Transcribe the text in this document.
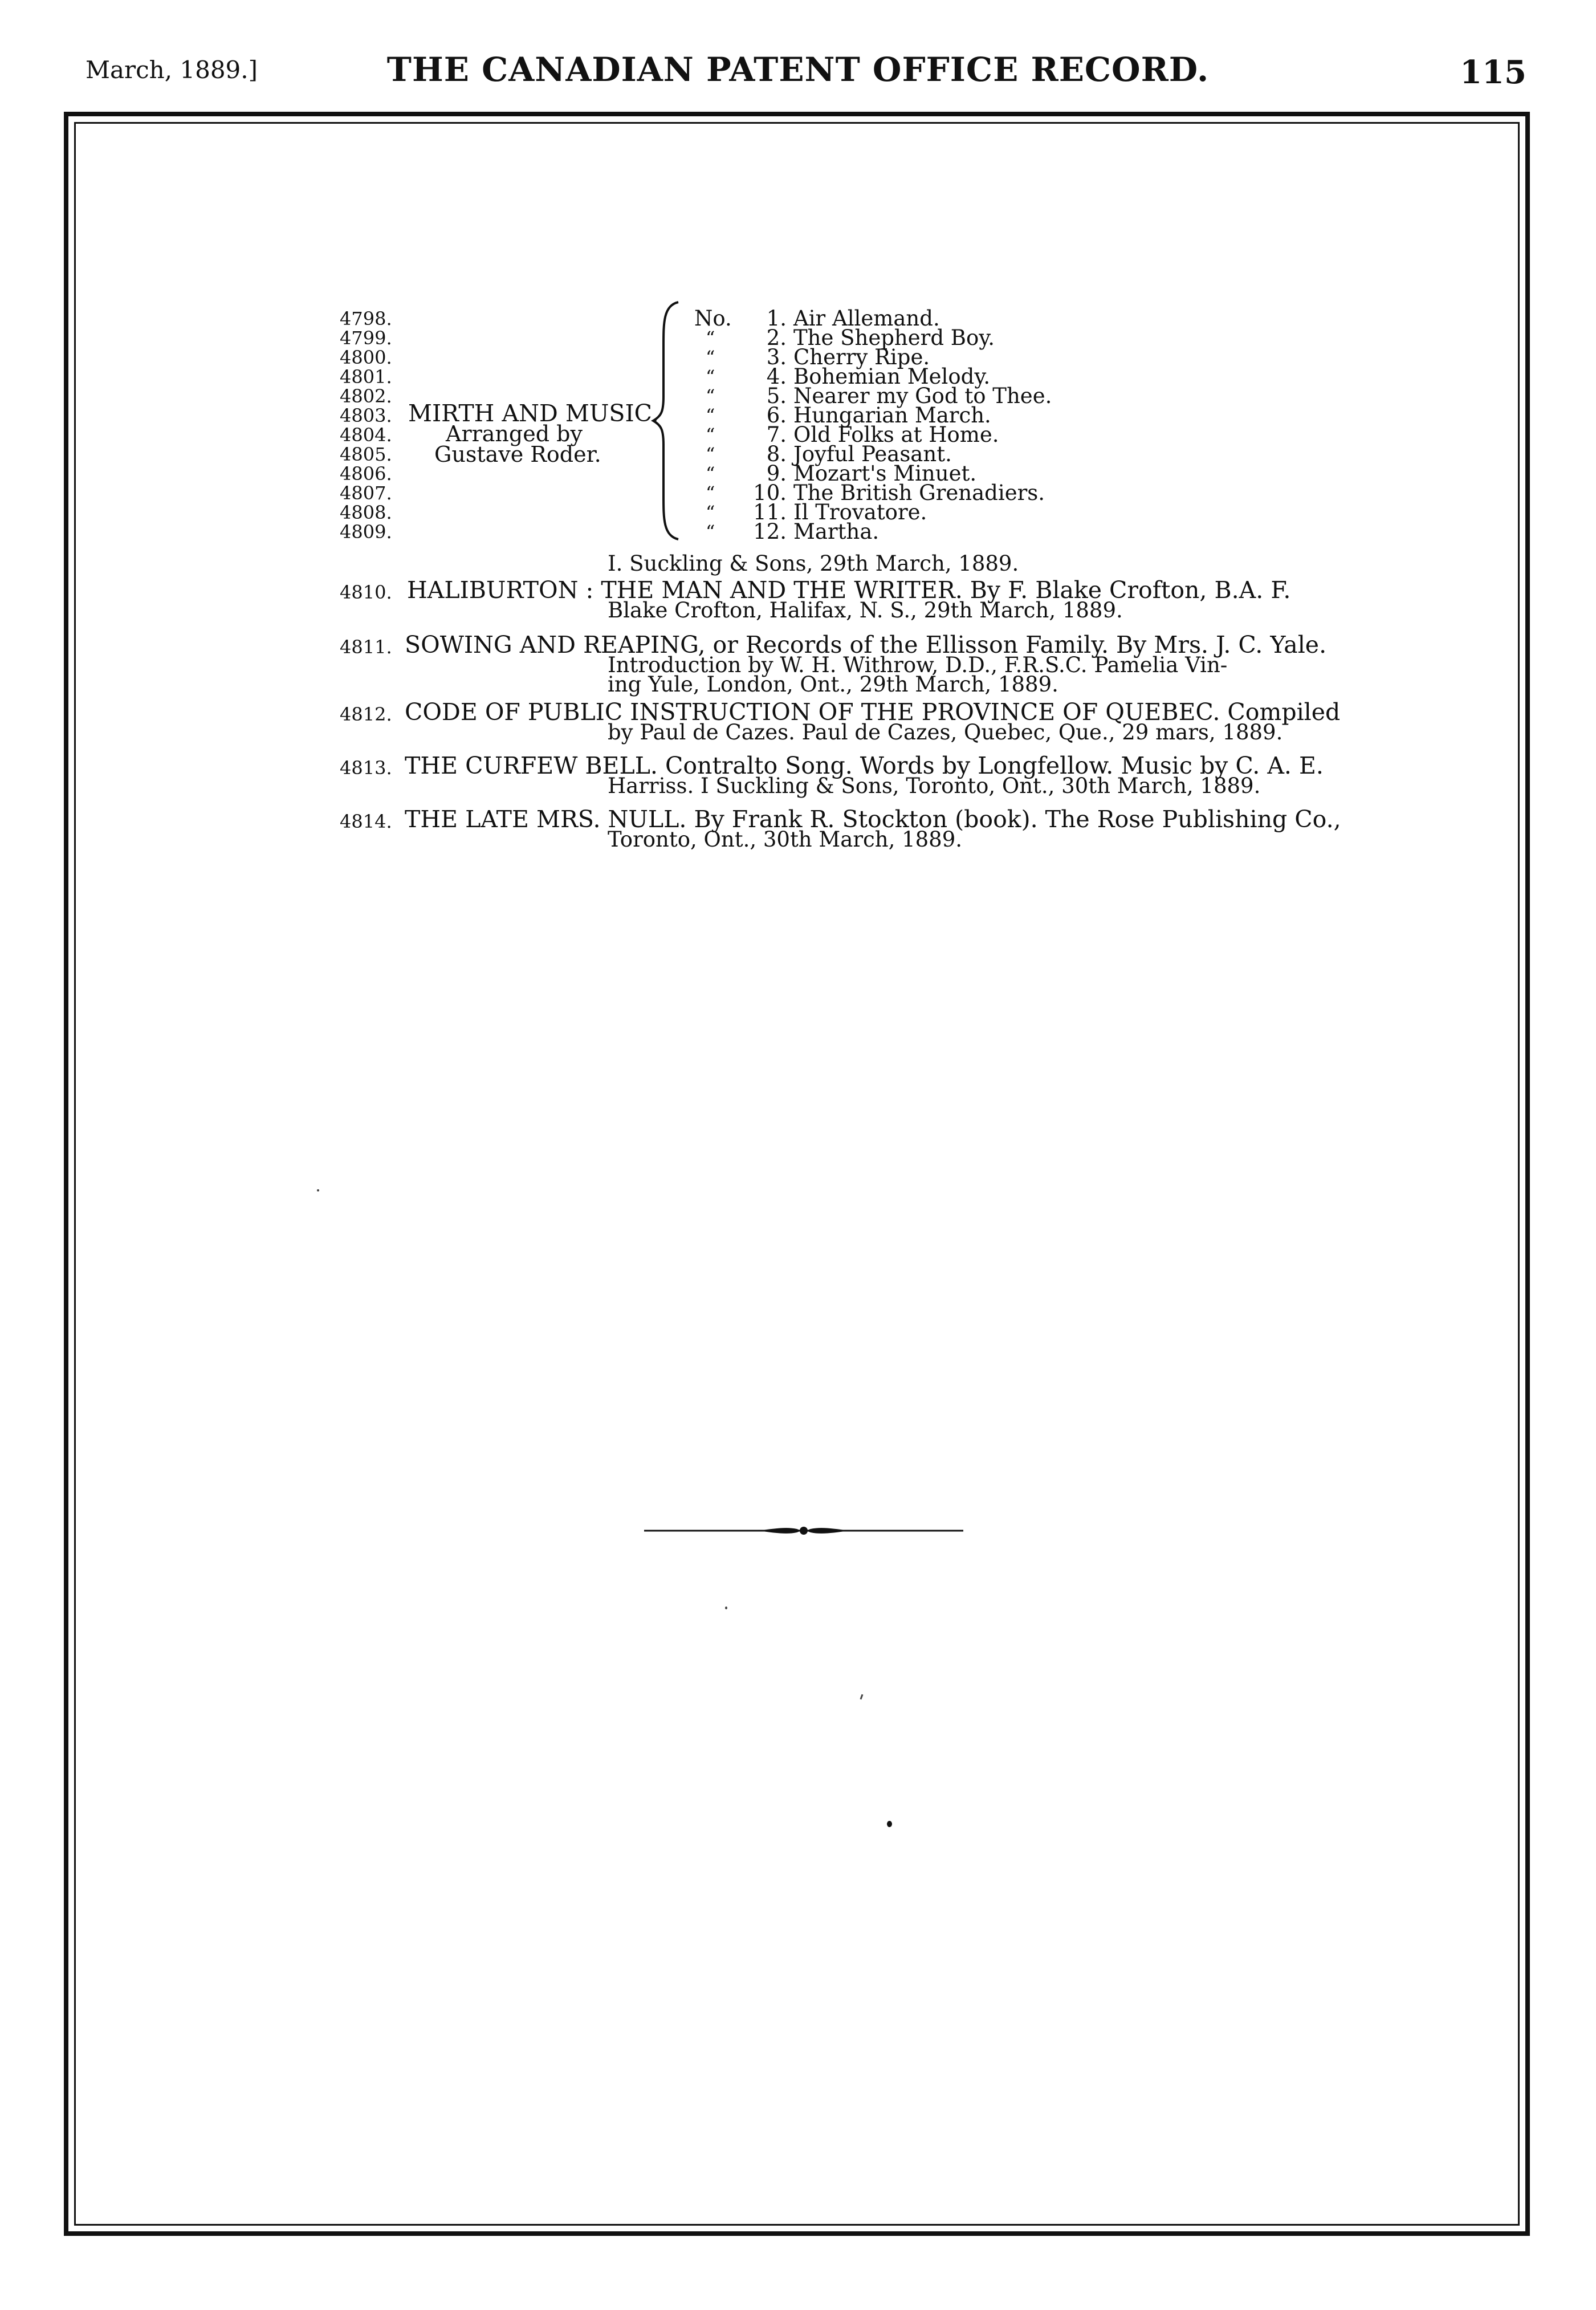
March, 1889.]	THE CANADIAN PATENT OFFICE RECORD.	115
4798.
4799.
4800.
4801.
4802.
4803.
4804.
4805.
4806.
4807.
4808.
4809.
MIRTH AND MUSIC.
Arranged by
Gustave Roder.
No.
“
“
“
“
“
“
“
“
“
“
“
1.
2.
3.
4.
5.
6.
7.
8.
9.
10.
11.
12.
Air Allemand.
The Shepherd Boy.
Cherry Ripe.
Bohemian Melody.
Nearer my God to Thee.
Hungarian March.
Old Folks at Home.
Joyful Peasant.
Mozart's Minuet.
The British Grenadiers.
Il Trovatore.
Martha.
I. Suckling & Sons, 29th March, 1889.
4810. HALIBURTON : THE MAN AND THE WRITER. By F. Blake Crofton, B.A. F.
Blake Crofton, Halifax, N. S., 29th March, 1889.
4811. SOWING AND REAPING, or Records of the Ellisson Family. By Mrs. J. C. Yale.
Introduction by W. H. Withrow, D.D., F.R.S.C. Pamelia Vin-
ing Yule, London, Ont., 29th March, 1889.
4812. CODE OF PUBLIC INSTRUCTION OF THE PROVINCE OF QUEBEC. Compiled
by Paul de Cazes. Paul de Cazes, Quebec, Que., 29 mars, 1889.
4813. THE CURFEW BELL. Contralto Song. Words by Longfellow. Music by C. A. E.
Harriss. I Suckling & Sons, Toronto, Ont., 30th March, 1889.
4814. THE LATE MRS. NULL. By Frank R. Stockton (book). The Rose Publishing Co.,
Toronto, Ont., 30th March, 1889.
